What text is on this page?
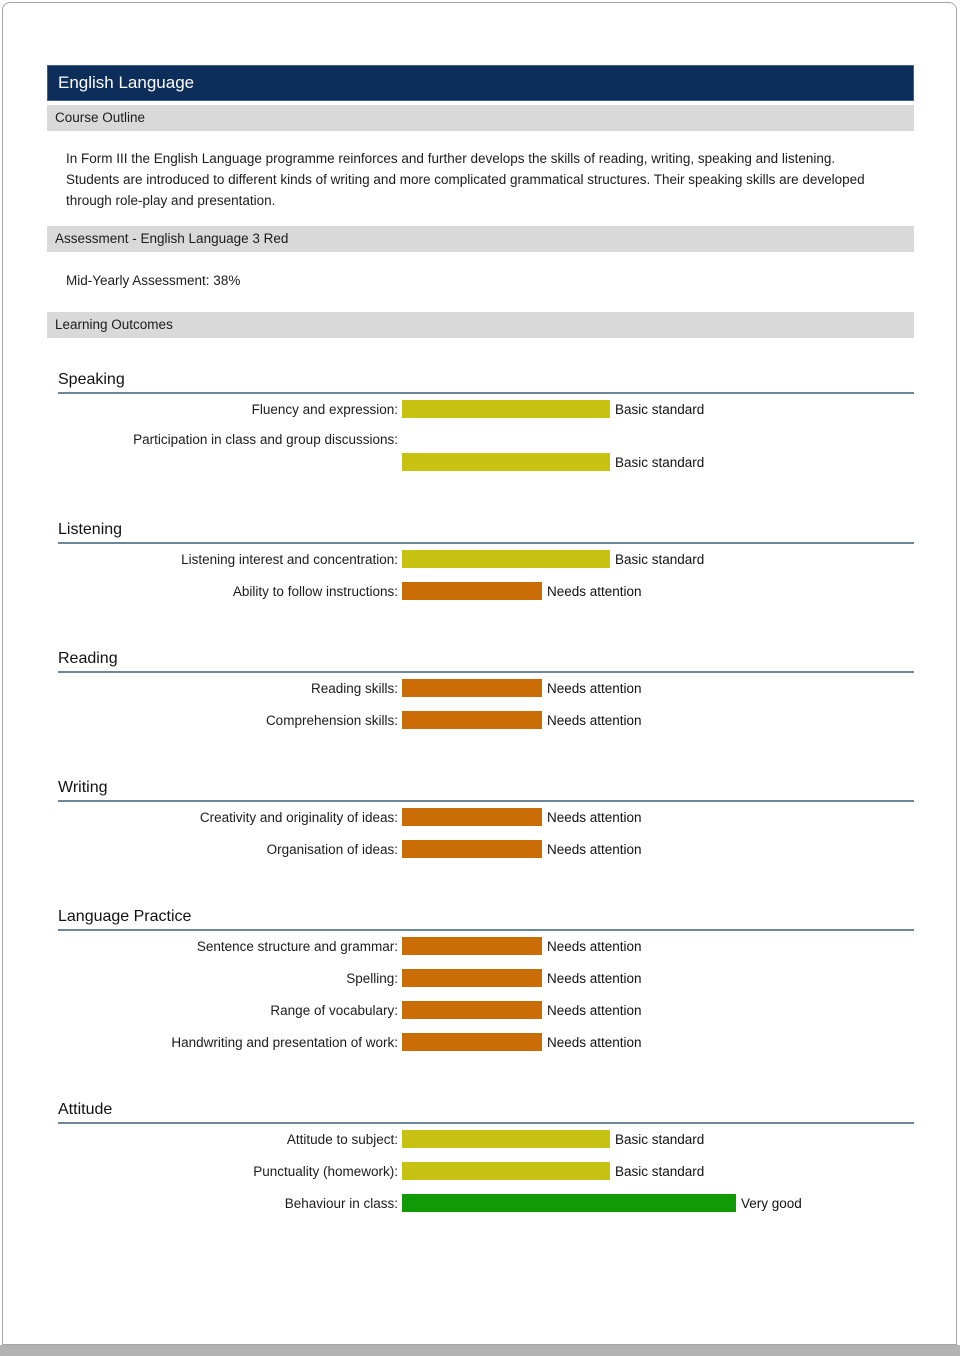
English Language
Course Outline

In Form III the English Language programme reinforces and further develops the skills of reading, writing, speaking and listening. Students are introduced to different kinds of writing and more complicated grammatical structures. Their speaking skills are developed through role-play and presentation.

Assessment - English Language 3 Red

Mid-Yearly Assessment: 38%

Learning Outcomes
Speaking
Fluency and expression:	Basic standard
Participation in class and group discussions:
Basic standard
Listening
Listening interest and concentration:	Basic standard
Ability to follow instructions:	Needs attention
Reading
Reading skills:	Needs attention
Comprehension skills:	Needs attention
Writing
Creativity and originality of ideas:	Needs attention
Organisation of ideas:	Needs attention
Language Practice
Sentence structure and grammar:	Needs attention
Spelling:	Needs attention
Range of vocabulary:	Needs attention
Handwriting and presentation of work:	Needs attention
Attitude
Attitude to subject:	Basic standard
Punctuality (homework):	Basic standard
Behaviour in class:	Very good
